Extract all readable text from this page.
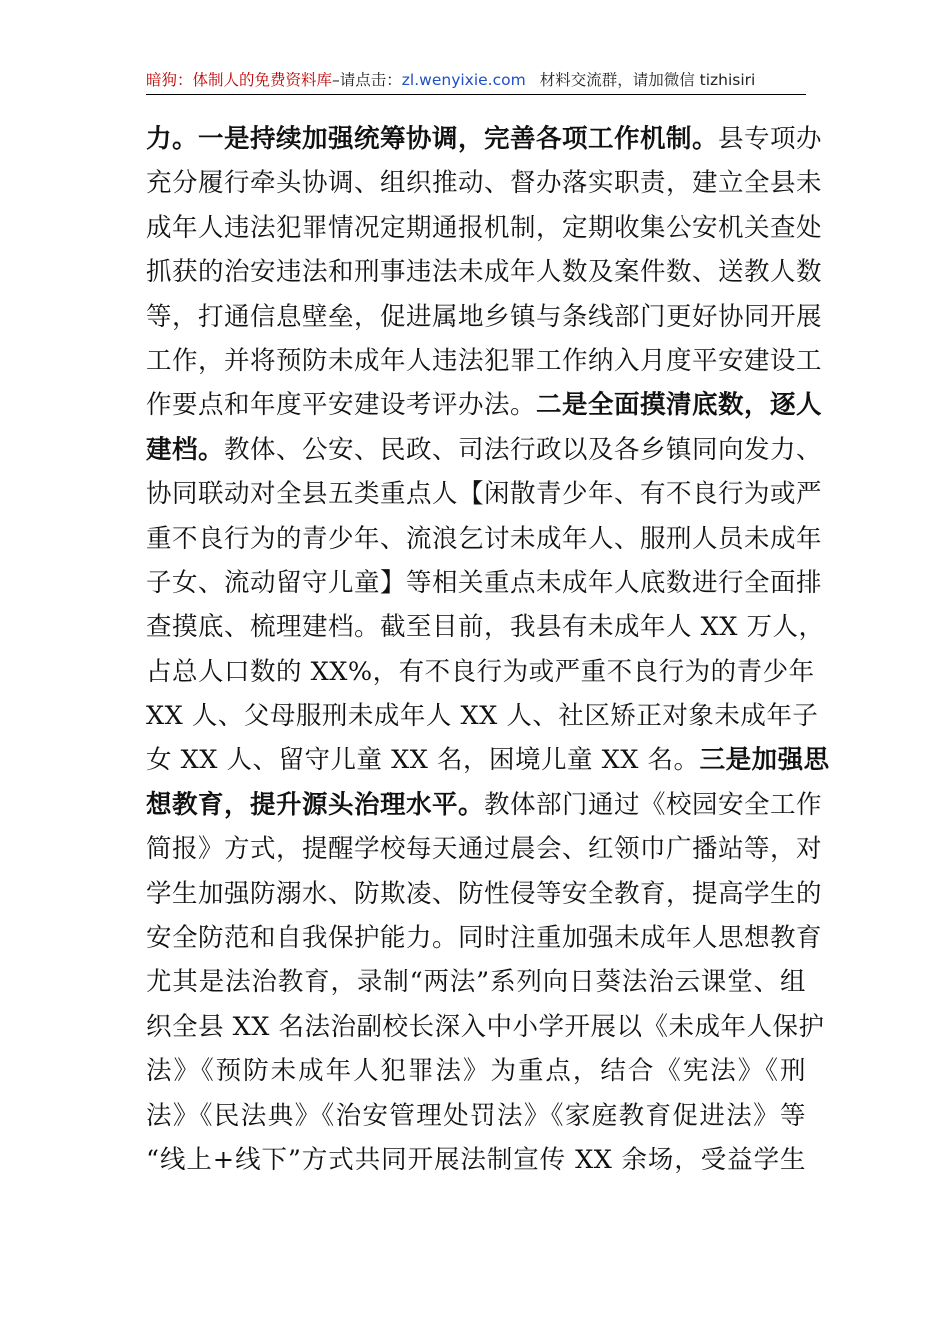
暗狗：体制人的免费资料库–请点击：zl.wenyixie.com 材料交流群，请加微信 tizhisiri
力。一是持续加强统筹协调，完善各项工作机制。县专项办
充分履行牵头协调、组织推动、督办落实职责，建立全县未
成年人违法犯罪情况定期通报机制，定期收集公安机关查处
抓获的治安违法和刑事违法未成年人数及案件数、送教人数
等，打通信息壁垒，促进属地乡镇与条线部门更好协同开展
工作，并将预防未成年人违法犯罪工作纳入月度平安建设工
作要点和年度平安建设考评办法。二是全面摸清底数，逐人
建档。教体、公安、民政、司法行政以及各乡镇同向发力、
协同联动对全县五类重点人【闲散青少年、有不良行为或严
重不良行为的青少年、流浪乞讨未成年人、服刑人员未成年
子女、流动留守儿童】等相关重点未成年人底数进行全面排
查摸底、梳理建档。截至目前，我县有未成年人 XX 万人，
占总人口数的 XX%，有不良行为或严重不良行为的青少年
XX 人、父母服刑未成年人 XX 人、社区矫正对象未成年子
女 XX 人、留守儿童 XX 名，困境儿童 XX 名。三是加强思
想教育，提升源头治理水平。教体部门通过《校园安全工作
简报》方式，提醒学校每天通过晨会、红领巾广播站等，对
学生加强防溺水、防欺凌、防性侵等安全教育，提高学生的
安全防范和自我保护能力。同时注重加强未成年人思想教育
尤其是法治教育，录制“两法”系列向日葵法治云课堂、组
织全县 XX 名法治副校长深入中小学开展以《未成年人保护
法》《预防未成年人犯罪法》为重点，结合《宪法》《刑
法》《民法典》《治安管理处罚法》《家庭教育促进法》等
“线上+线下”方式共同开展法制宣传 XX 余场，受益学生
